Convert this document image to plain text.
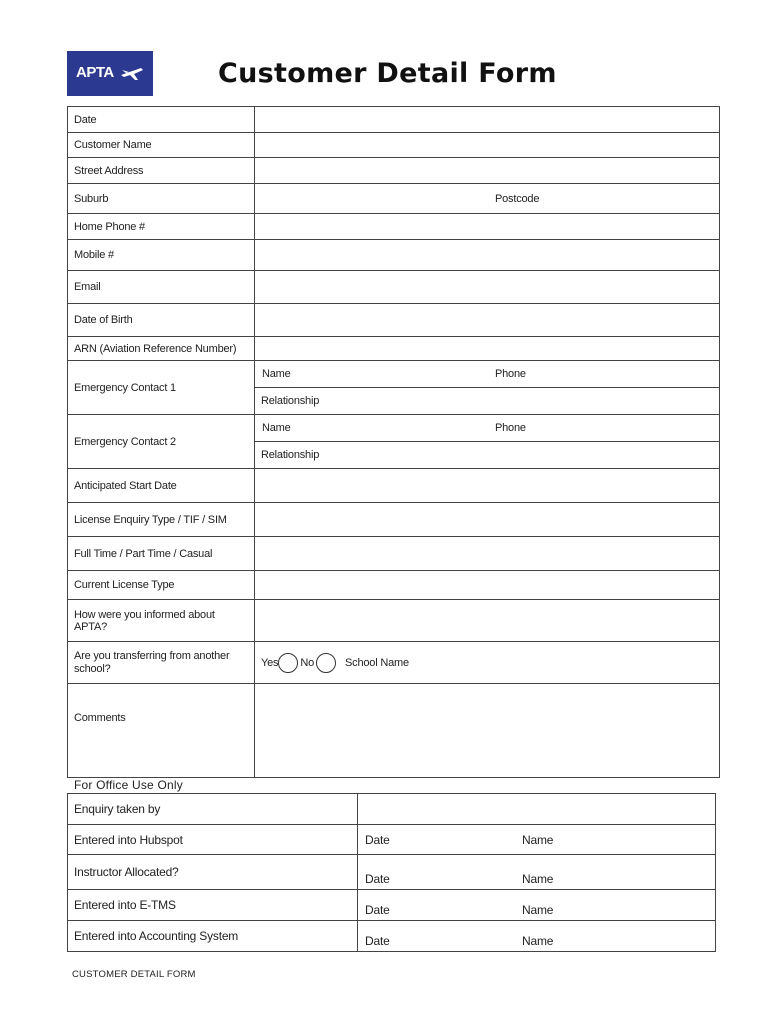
APTA	Customer Detail Form
Date	
Customer Name	
Street Address	
Suburb	Postcode

Home Phone #	
Mobile #	
Email	
Date of Birth	
ARN (Aviation Reference Number)	
Emergency Contact 1	Name Phone

	Relationship
Emergency Contact 2	Name Phone

	Relationship
Anticipated Start Date	
License Enquiry Type / TIF / SIM	
Full Time / Part Time / Casual	
Current License Type	
How were you informed about APTA?	
Are you transferring from another school?	Yes No School Name

Comments	
For Office Use Only
Enquiry taken by	
Entered into Hubspot	Date Name

Instructor Allocated?	Date Name

Entered into E-TMS	Date Name

Entered into Accounting System	Date Name
CUSTOMER DETAIL FORM
